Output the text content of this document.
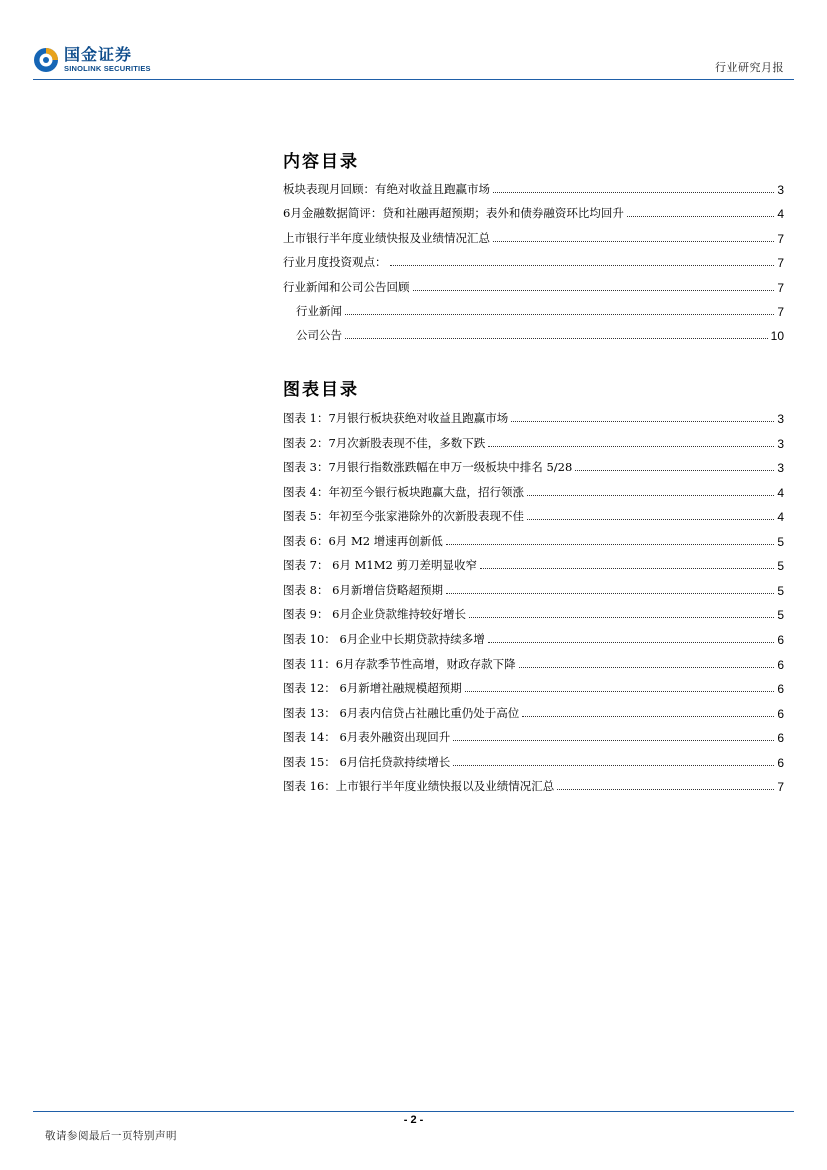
国金证券
SINOLINK SECURITIES	行业研究月报
内容目录
板块表现月回顾：有绝对收益且跑赢市场	3
6月金融数据简评：贷和社融再超预期；表外和债券融资环比均回升	4
上市银行半年度业绩快报及业绩情况汇总	7
行业月度投资观点：	7
行业新闻和公司公告回顾	7
行业新闻	7
公司公告	10
图表目录
图表 1：7月银行板块获绝对收益且跑赢市场	3
图表 2：7月次新股表现不佳，多数下跌	3
图表 3：7月银行指数涨跌幅在申万一级板块中排名 5/28	3
图表 4：年初至今银行板块跑赢大盘，招行领涨	4
图表 5：年初至今张家港除外的次新股表现不佳	4
图表 6：6月 M2 增速再创新低	5
图表 7： 6月 M1M2 剪刀差明显收窄	5
图表 8： 6月新增信贷略超预期	5
图表 9： 6月企业贷款维持较好增长	5
图表 10： 6月企业中长期贷款持续多增	6
图表 11：6月存款季节性高增，财政存款下降	6
图表 12： 6月新增社融规模超预期	6
图表 13： 6月表内信贷占社融比重仍处于高位	6
图表 14： 6月表外融资出现回升	6
图表 15： 6月信托贷款持续增长	6
图表 16：上市银行半年度业绩快报以及业绩情况汇总	7
- 2 -
敬请参阅最后一页特别声明
